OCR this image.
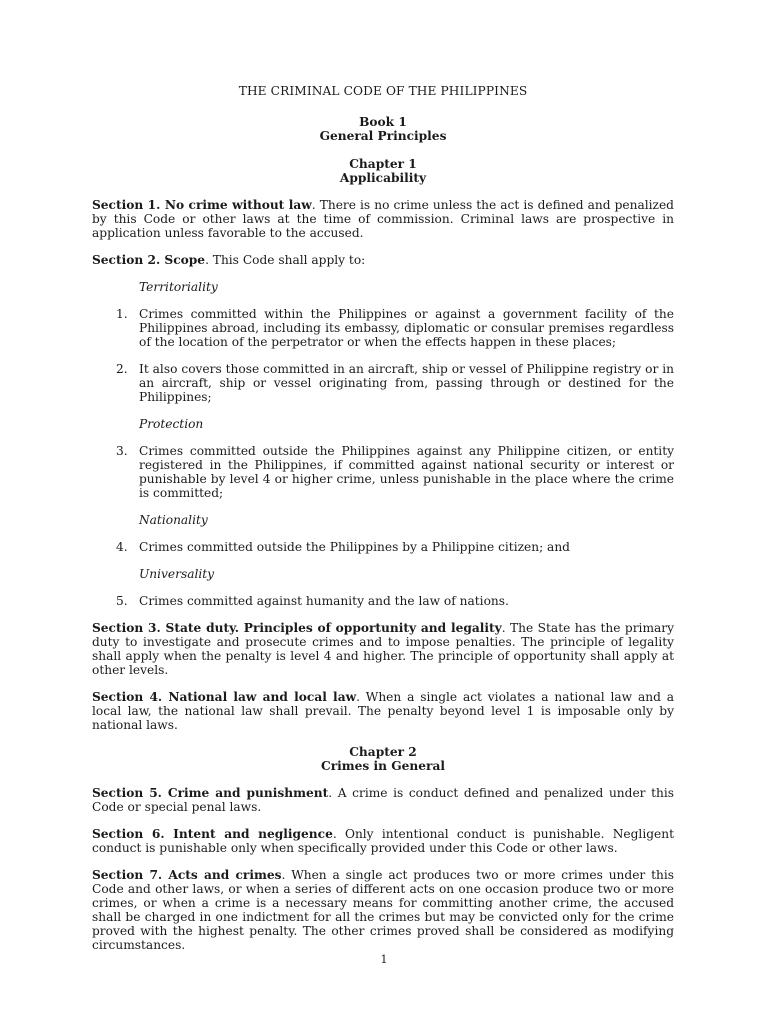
THE CRIMINAL CODE OF THE PHILIPPINES
Book 1
General Principles
Chapter 1
Applicability

Section 1. No crime without law. There is no crime unless the act is defined and penalized by this Code or other laws at the time of commission. Criminal laws are prospective in application unless favorable to the accused.

Section 2. Scope. This Code shall apply to:

Territoriality
1. Crimes committed within the Philippines or against a government facility of the Philippines abroad, including its embassy, diplomatic or consular premises regardless of the location of the perpetrator or when the effects happen in these places;
2. It also covers those committed in an aircraft, ship or vessel of Philippine registry or in an aircraft, ship or vessel originating from, passing through or destined for the Philippines;
Protection
3. Crimes committed outside the Philippines against any Philippine citizen, or entity registered in the Philippines, if committed against national security or interest or punishable by level 4 or higher crime, unless punishable in the place where the crime is committed;
Nationality
4. Crimes committed outside the Philippines by a Philippine citizen; and
Universality
5. Crimes committed against humanity and the law of nations.

Section 3. State duty. Principles of opportunity and legality. The State has the primary duty to investigate and prosecute crimes and to impose penalties. The principle of legality shall apply when the penalty is level 4 and higher. The principle of opportunity shall apply at other levels.

Section 4. National law and local law. When a single act violates a national law and a local law, the national law shall prevail. The penalty beyond level 1 is imposable only by national laws.

Chapter 2
Crimes in General

Section 5. Crime and punishment. A crime is conduct defined and penalized under this Code or special penal laws.

Section 6. Intent and negligence. Only intentional conduct is punishable. Negligent conduct is punishable only when specifically provided under this Code or other laws.

Section 7. Acts and crimes. When a single act produces two or more crimes under this Code and other laws, or when a series of different acts on one occasion produce two or more crimes, or when a crime is a necessary means for committing another crime, the accused shall be charged in one indictment for all the crimes but may be convicted only for the crime proved with the highest penalty. The other crimes proved shall be considered as modifying circumstances.

1
